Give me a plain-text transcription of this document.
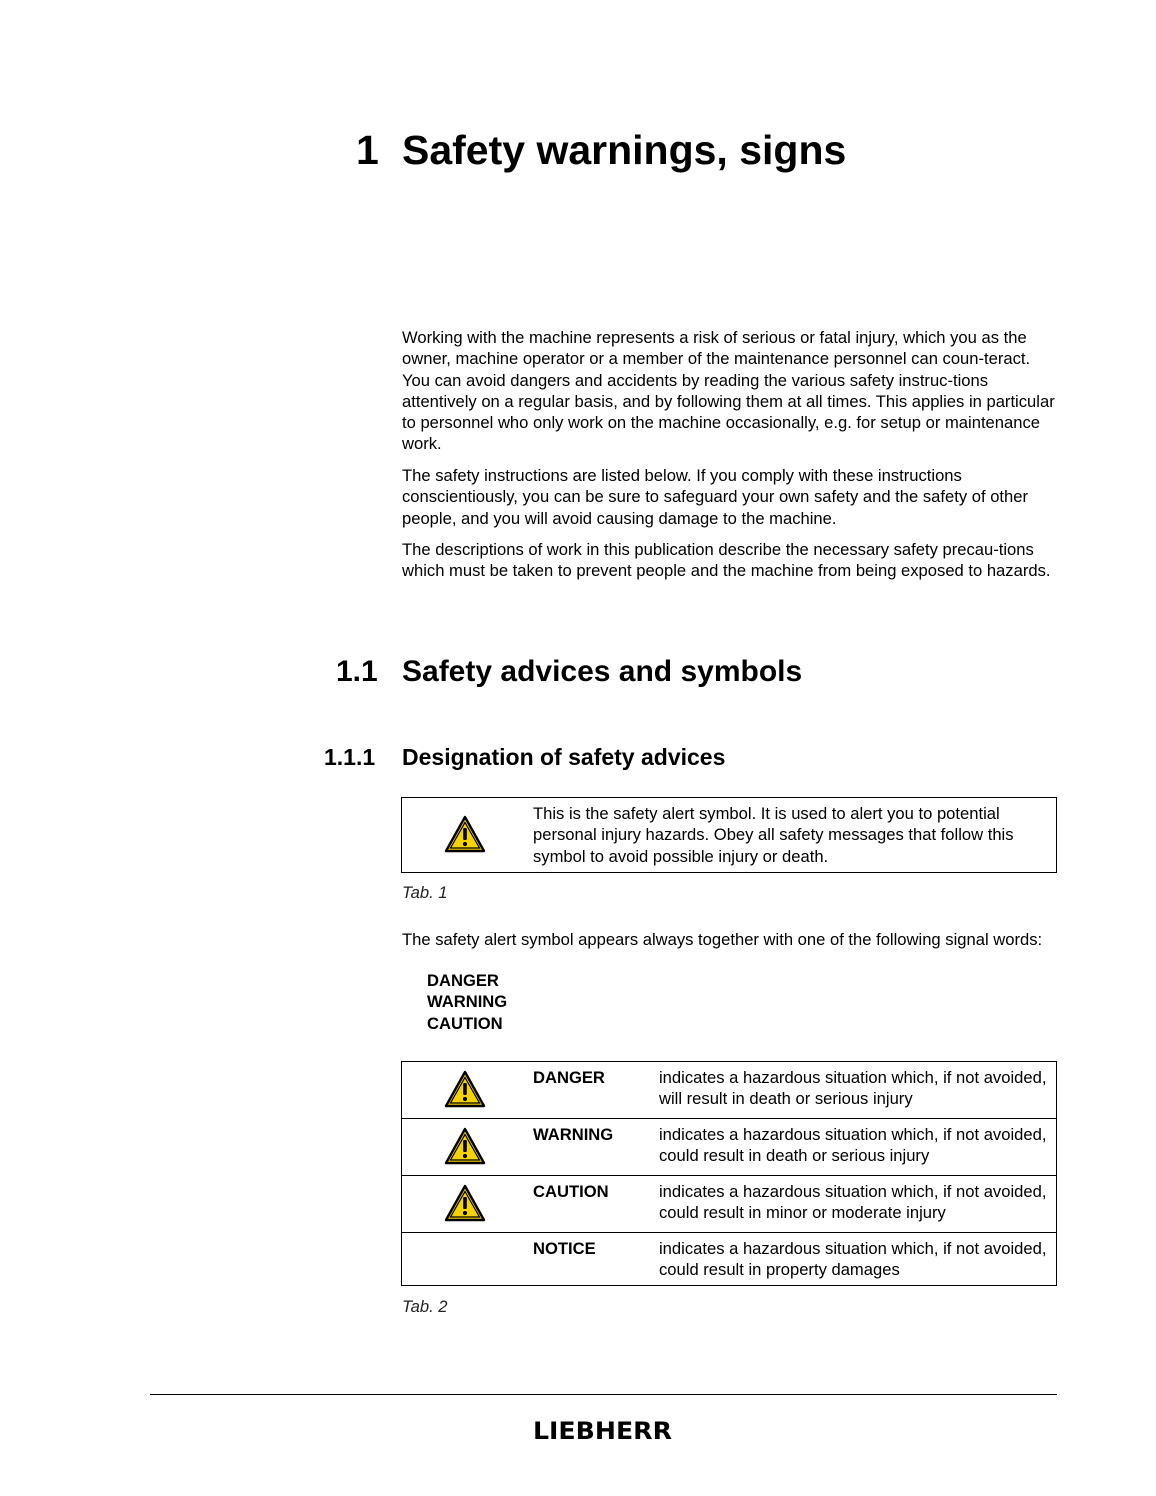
1 Safety warnings, signs

Working with the machine represents a risk of serious or fatal injury, which you as the owner, machine operator or a member of the maintenance personnel can coun-teract. You can avoid dangers and accidents by reading the various safety instruc-tions attentively on a regular basis, and by following them at all times. This applies in particular to personnel who only work on the machine occasionally, e.g. for setup or maintenance work.

The safety instructions are listed below. If you comply with these instructions conscientiously, you can be sure to safeguard your own safety and the safety of other people, and you will avoid causing damage to the machine.

The descriptions of work in this publication describe the necessary safety precau-tions which must be taken to prevent people and the machine from being exposed to hazards.

1.1 Safety advices and symbols
1.1.1 Designation of safety advices
	This is the safety alert symbol. It is used to alert you to potential personal injury hazards. Obey all safety messages that follow this symbol to avoid possible injury or death.
Tab. 1

The safety alert symbol appears always together with one of the following signal words:

DANGER
WARNING
CAUTION
	DANGER	indicates a hazardous situation which, if not avoided, will result in death or serious injury

	WARNING	indicates a hazardous situation which, if not avoided, could result in death or serious injury

	CAUTION	indicates a hazardous situation which, if not avoided, could result in minor or moderate injury
	NOTICE	indicates a hazardous situation which, if not avoided, could result in property damages
Tab. 2
LIEBHERR
